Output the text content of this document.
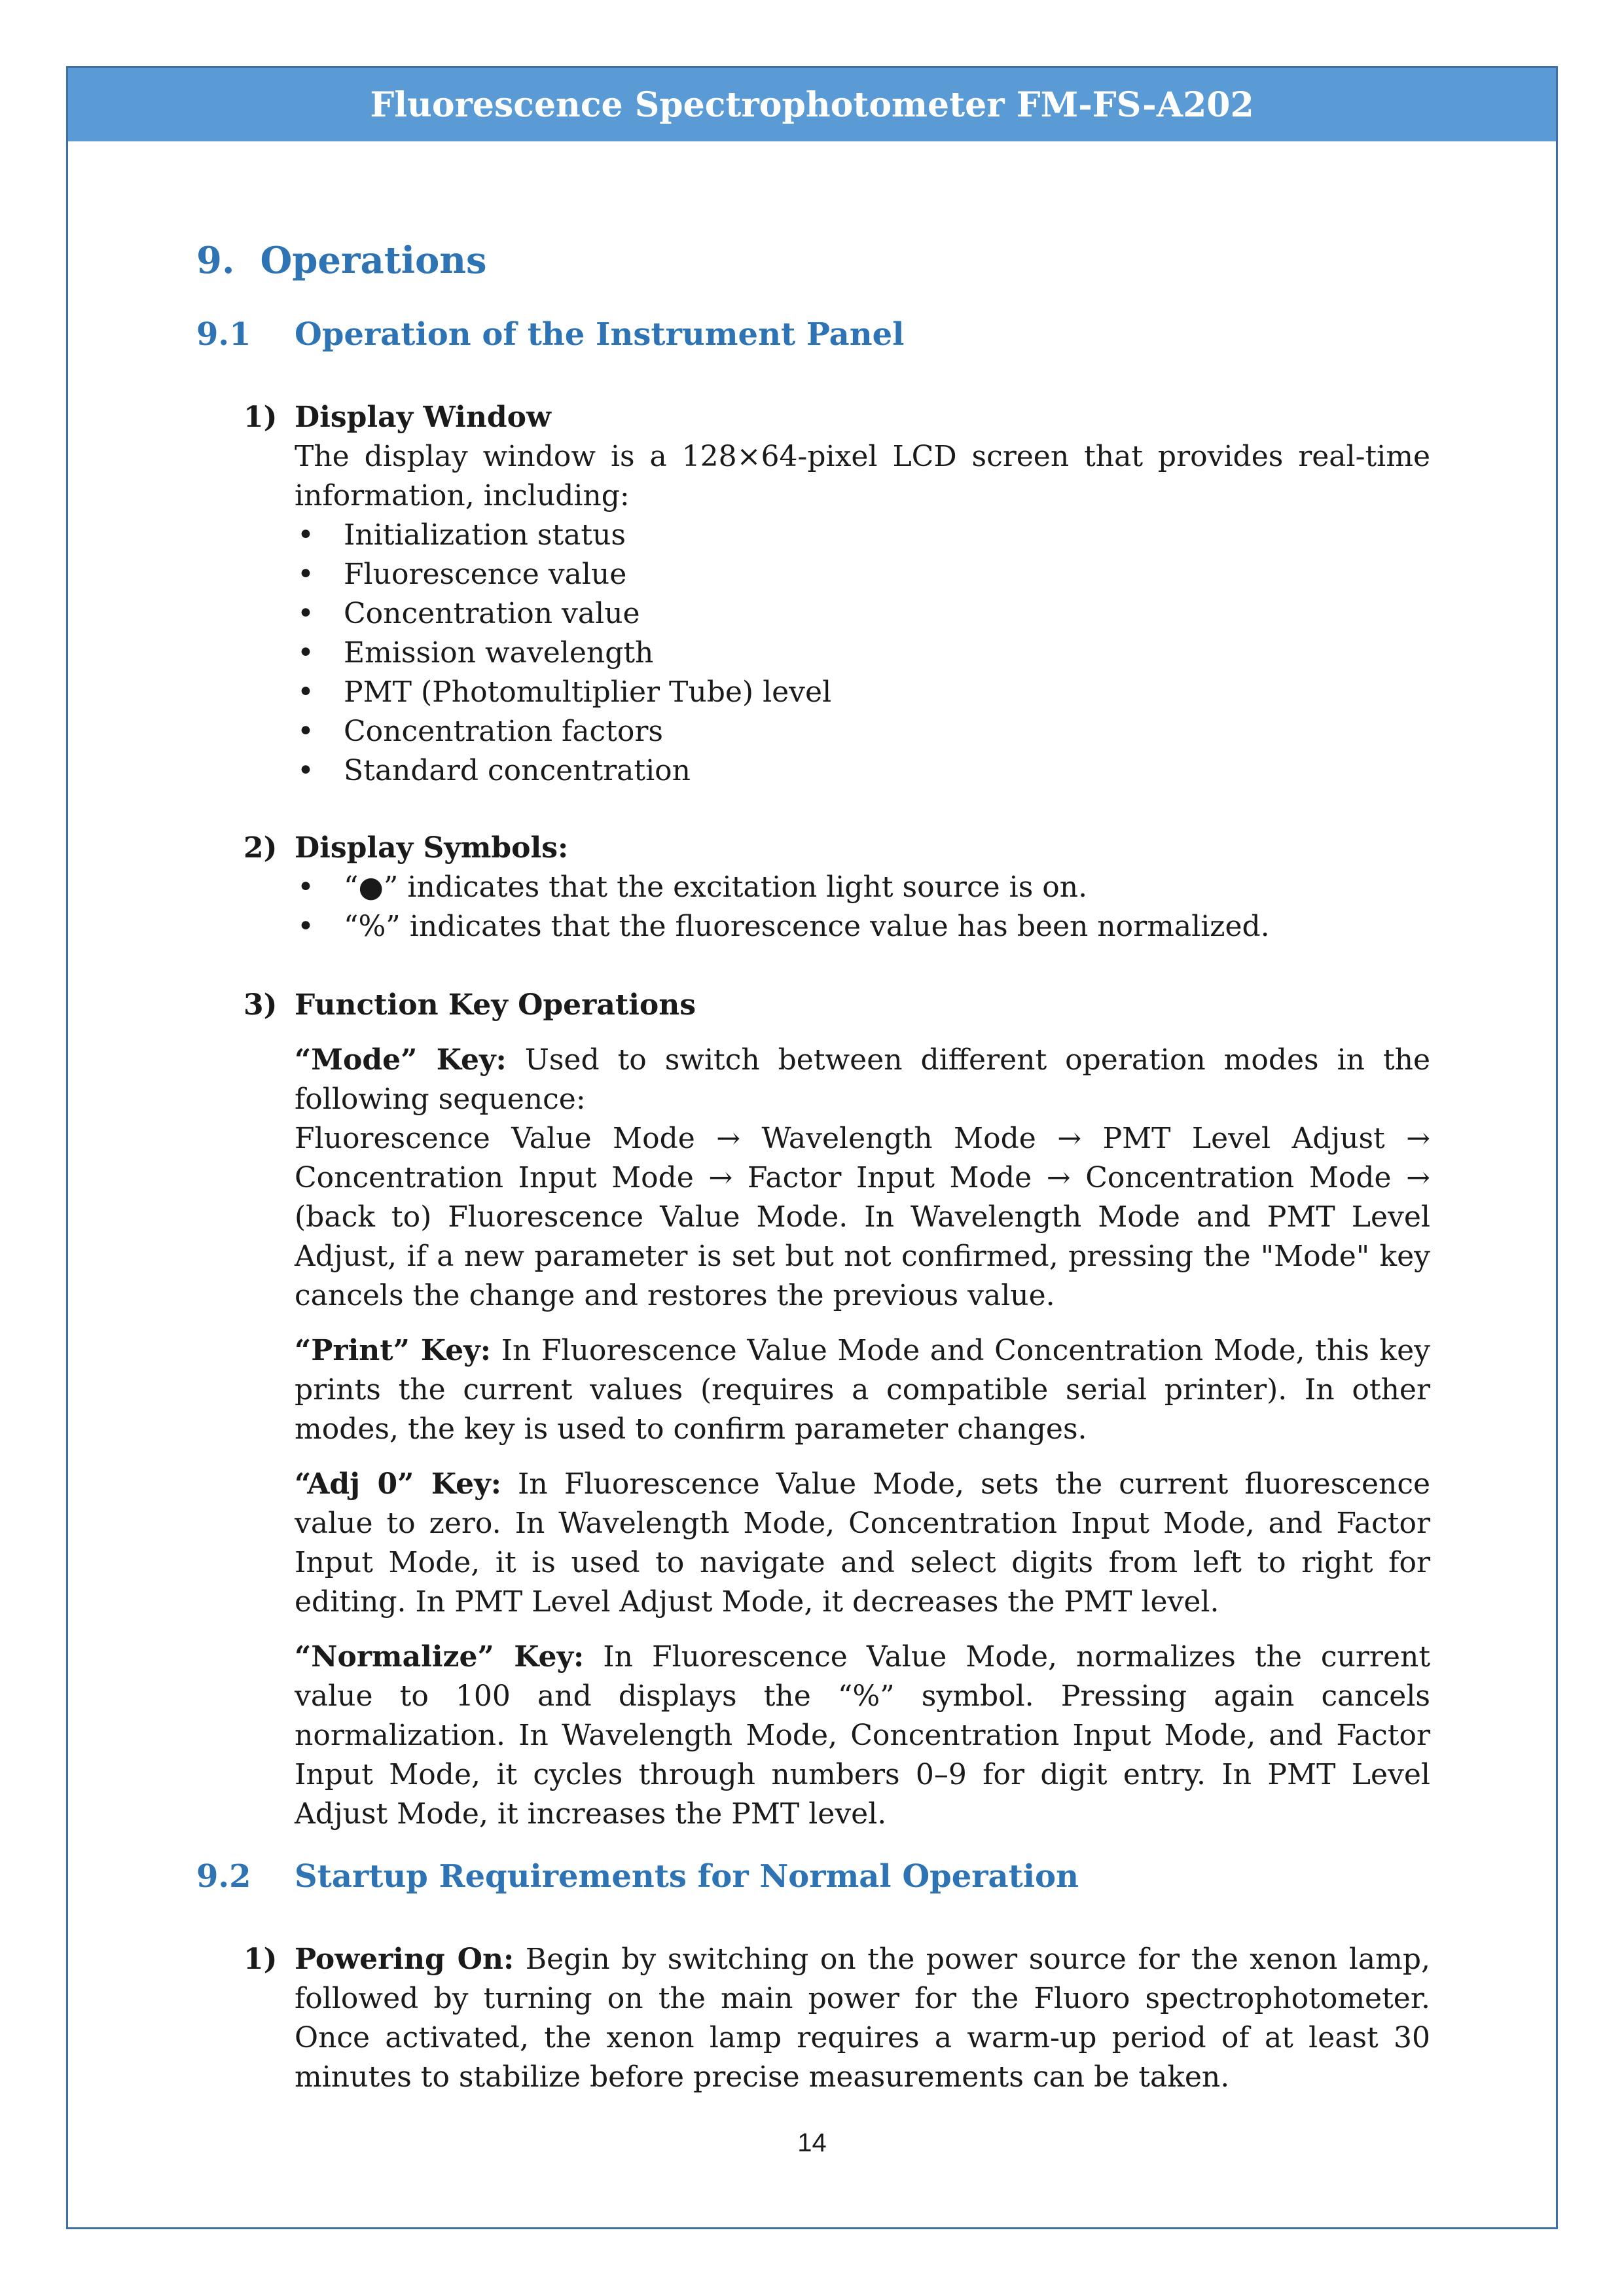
Fluorescence Spectrophotometer FM-FS-A202
9. Operations
9.1 Operation of the Instrument Panel
1) Display Window

The display window is a 128×64-pixel LCD screen that provides real-time information, including:

• Initialization status
• Fluorescence value
• Concentration value
• Emission wavelength
• PMT (Photomultiplier Tube) level
• Concentration factors
• Standard concentration
2) Display Symbols:
• “●” indicates that the excitation light source is on.
• “%” indicates that the fluorescence value has been normalized.
3) Function Key Operations

“Mode” Key: Used to switch between different operation modes in the following sequence:

Fluorescence Value Mode → Wavelength Mode → PMT Level Adjust → Concentration Input Mode → Factor Input Mode → Concentration Mode → (back to) Fluorescence Value Mode. In Wavelength Mode and PMT Level Adjust, if a new parameter is set but not confirmed, pressing the "Mode" key cancels the change and restores the previous value.

“Print” Key: In Fluorescence Value Mode and Concentration Mode, this key prints the current values (requires a compatible serial printer). In other modes, the key is used to confirm parameter changes.

“Adj 0” Key: In Fluorescence Value Mode, sets the current fluorescence value to zero. In Wavelength Mode, Concentration Input Mode, and Factor Input Mode, it is used to navigate and select digits from left to right for editing. In PMT Level Adjust Mode, it decreases the PMT level.

“Normalize” Key: In Fluorescence Value Mode, normalizes the current value to 100 and displays the “%” symbol. Pressing again cancels normalization. In Wavelength Mode, Concentration Input Mode, and Factor Input Mode, it cycles through numbers 0–9 for digit entry. In PMT Level Adjust Mode, it increases the PMT level.

9.2 Startup Requirements for Normal Operation

1) Powering On: Begin by switching on the power source for the xenon lamp, followed by turning on the main power for the Fluoro spectrophotometer. Once activated, the xenon lamp requires a warm-up period of at least 30 minutes to stabilize before precise measurements can be taken.

14
